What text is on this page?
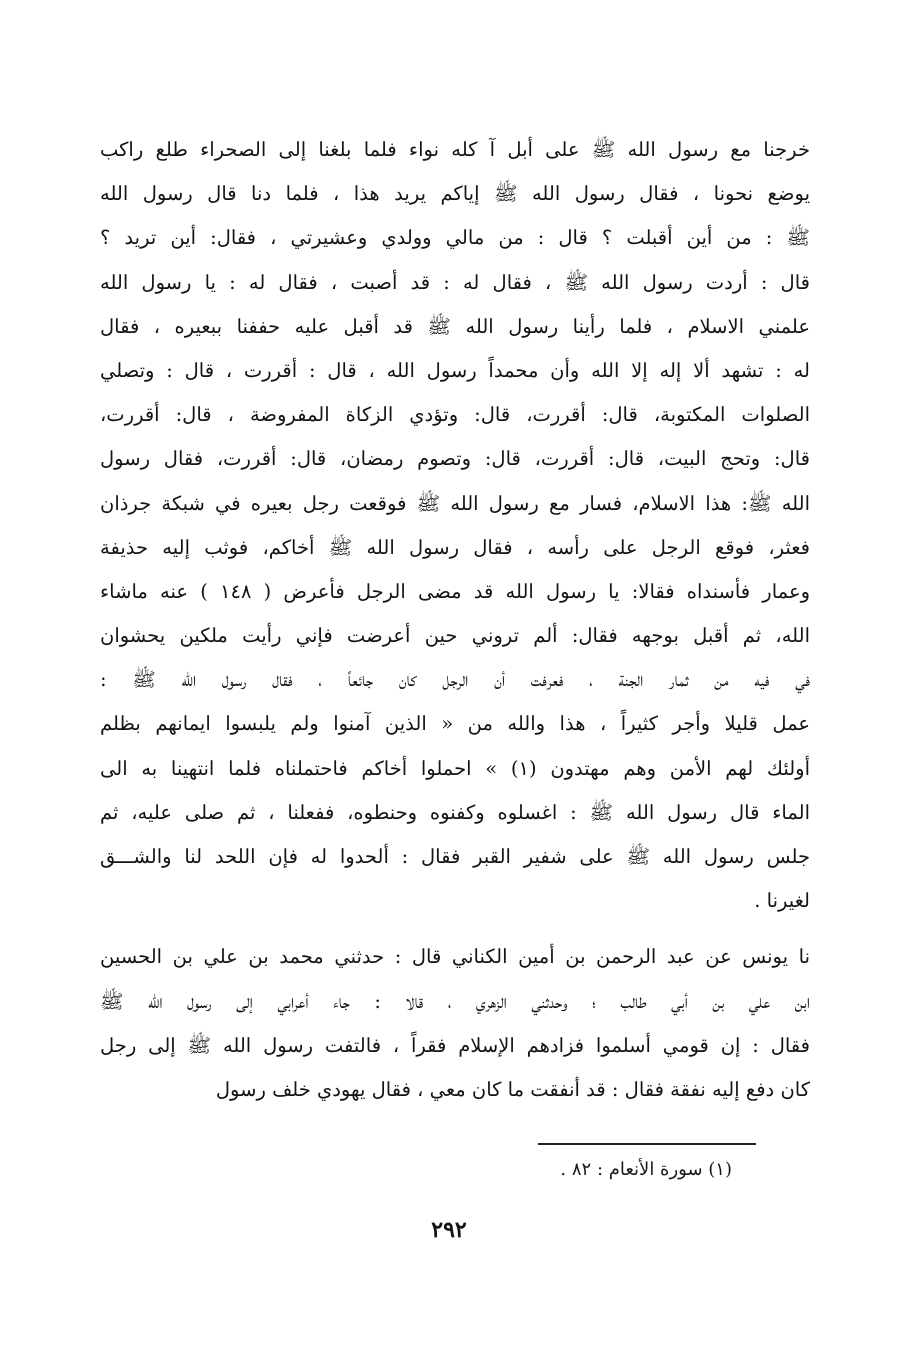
خرجنا مع رسول الله ﷺ على أبل آ كله نواء فلما بلغنا إلى الصحراء طلع راكب
يوضع نحونا ، فقال رسول الله ﷺ إياكم يريد هذا ، فلما دنا قال رسول الله
ﷺ : من أين أقبلت ؟ قال : من مالي وولدي وعشيرتي ، فقال: أين تريد ؟
قال : أردت رسول الله ﷺ ، فقال له : قد أصبت ، فقال له : يا رسول الله
علمني الاسلام ، فلما رأينا رسول الله ﷺ قد أقبل عليه حففنا ببعيره ، فقال
له : تشهد ألا إله إلا الله وأن محمداً رسول الله ، قال : أقررت ، قال : وتصلي
الصلوات المكتوبة، قال: أقررت، قال: وتؤدي الزكاة المفروضة ، قال: أقررت،
قال: وتحج البيت، قال: أقررت، قال: وتصوم رمضان، قال: أقررت، فقال رسول
الله ﷺ: هذا الاسلام، فسار مع رسول الله ﷺ فوقعت رجل بعيره في شبكة جرذان
فعثر، فوقع الرجل على رأسه ، فقال رسول الله ﷺ أخاكم، فوثب إليه حذيفة
وعمار فأسنداه فقالا: يا رسول الله قد مضى الرجل فأعرض ( ١٤٨ ) عنه ماشاء
الله، ثم أقبل بوجهه فقال: ألم تروني حين أعرضت فإني رأيت ملكين يحشوان
في فيه من ثمار الجنة ، فعرفت أن الرجل كان جائعاً ، فقال رسول الله ﷺ :
عمل قليلا وأجر كثيراً ، هذا والله من « الذين آمنوا ولم يلبسوا ايمانهم بظلم
أولئك لهم الأمن وهم مهتدون (١) » احملوا أخاكم فاحتملناه فلما انتهينا به الى
الماء قال رسول الله ﷺ : اغسلوه وكفنوه وحنطوه، ففعلنا ، ثم صلى عليه، ثم
جلس رسول الله ﷺ على شفير القبر فقال : ألحدوا له فإن اللحد لنا والشـــق
لغيرنا .
نا يونس عن عبد الرحمن بن أمين الكناني قال : حدثني محمد بن علي بن الحسين
ابن علي بن أبي طالب ؛ وحدثني الزهري ، قالا : جاء أعرابي إلى رسول الله ﷺ
فقال : إن قومي أسلموا فزادهم الإسلام فقراً ، فالتفت رسول الله ﷺ إلى رجل
كان دفع إليه نفقة فقال : قد أنفقت ما كان معي ، فقال يهودي خلف رسول
(١) سورة الأنعام : ٨٢ .
٢٩٢
